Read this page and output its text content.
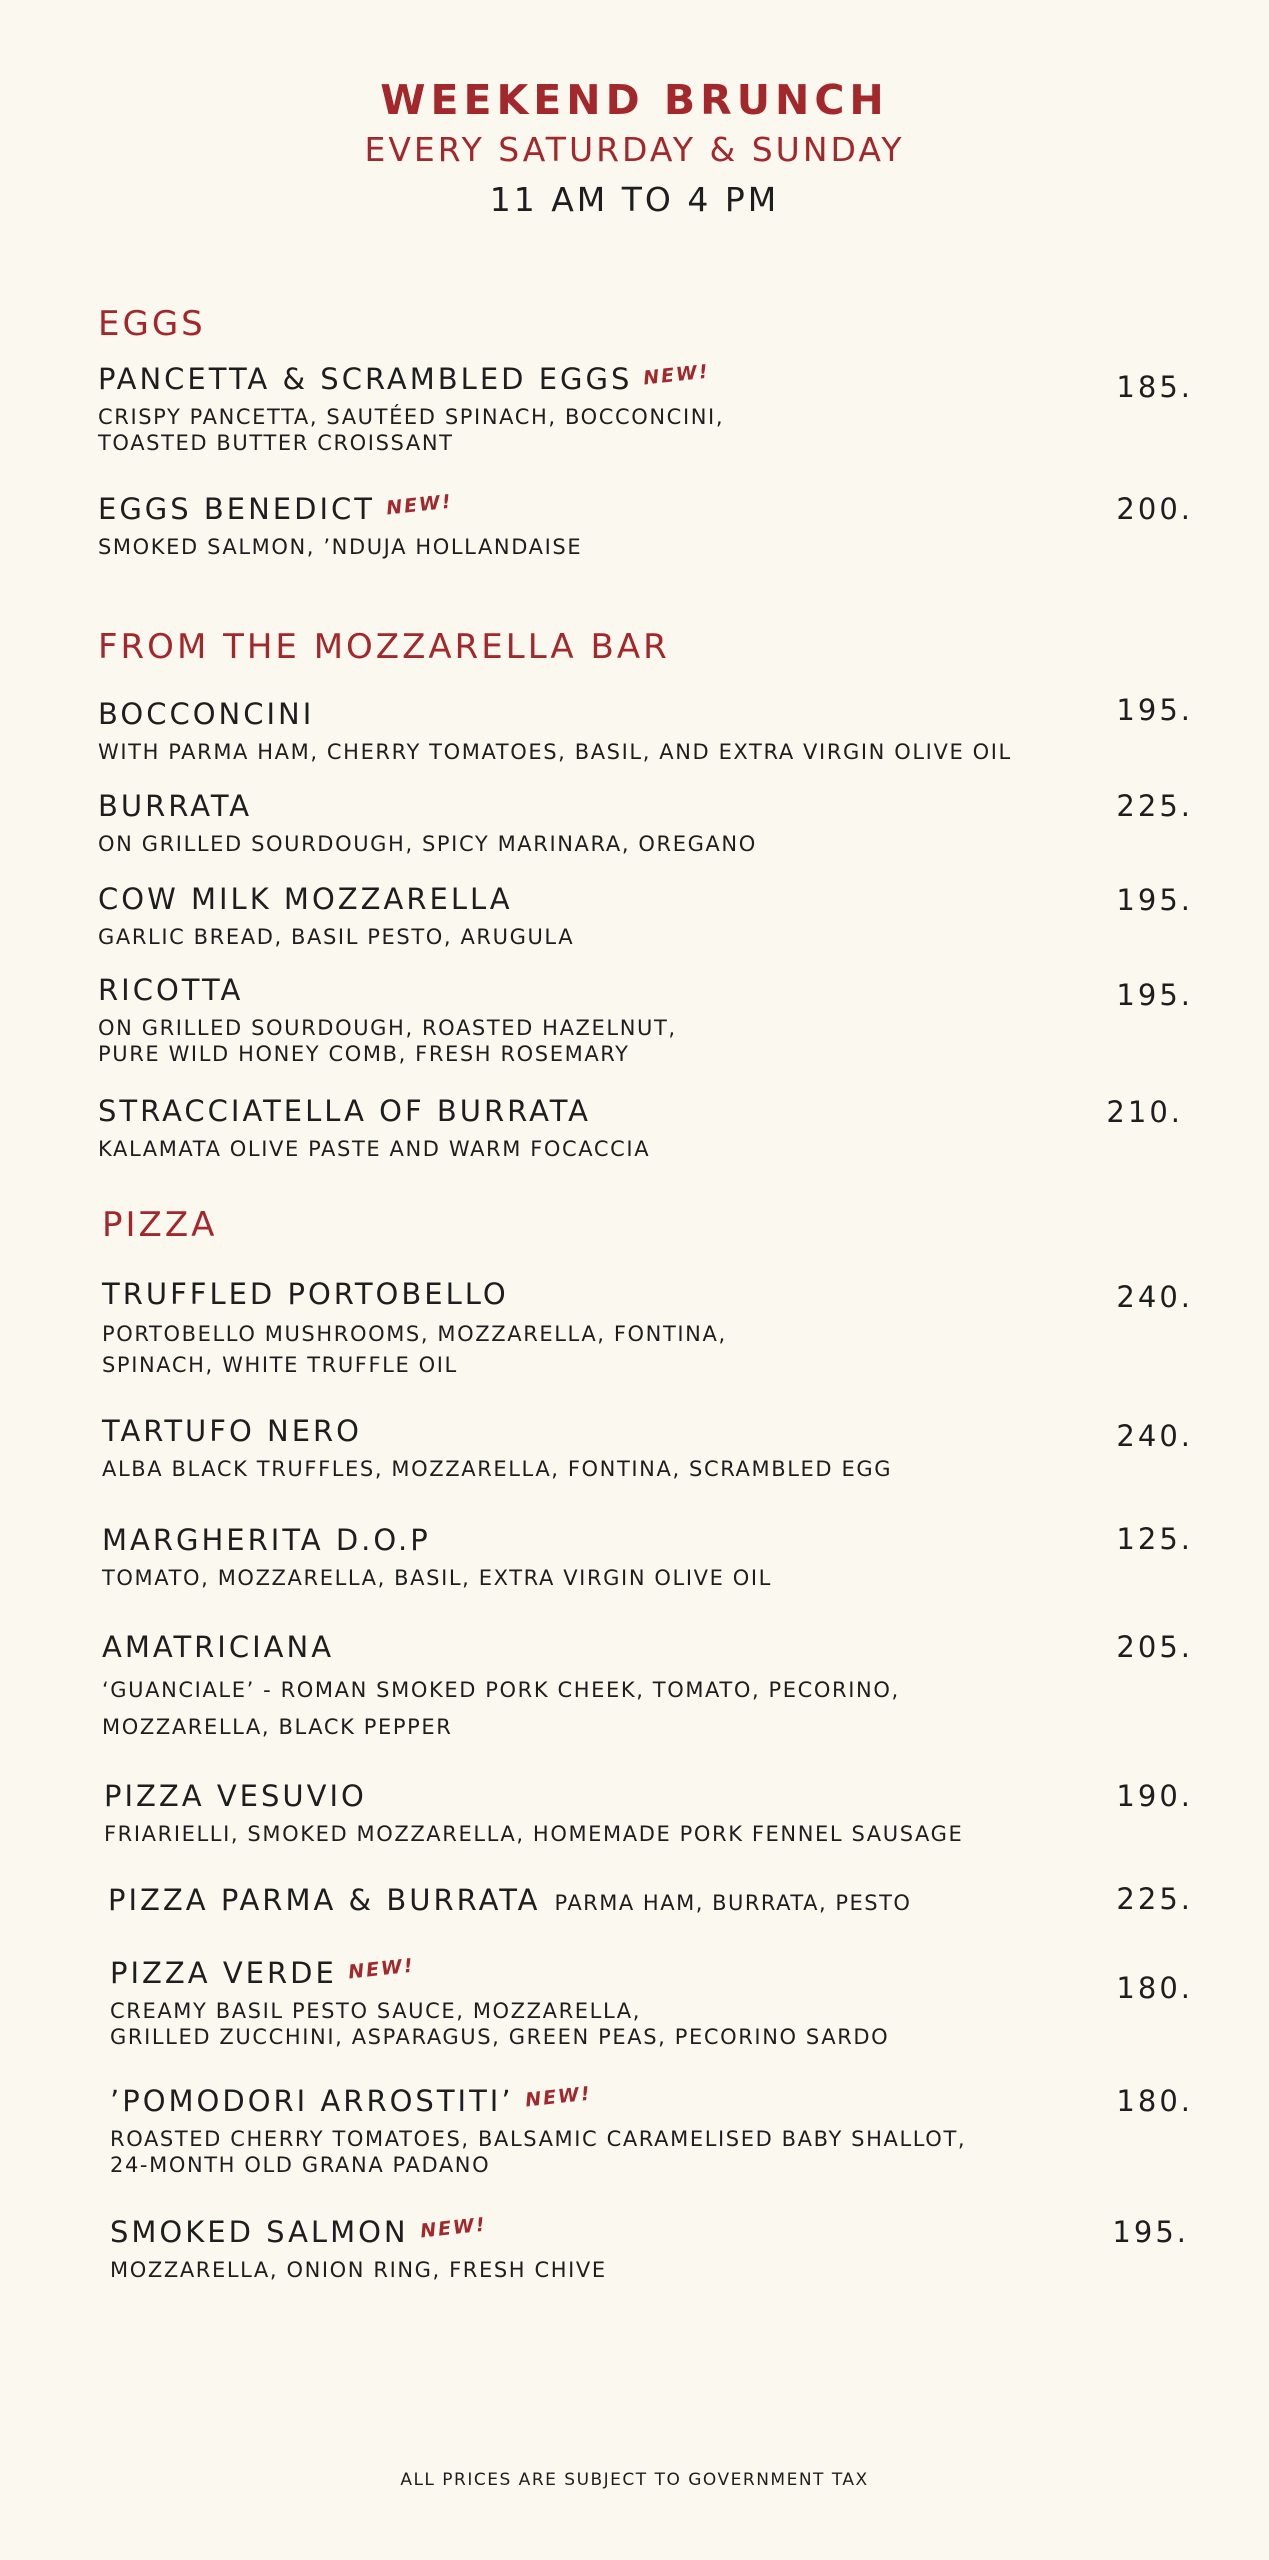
WEEKEND BRUNCH
EVERY SATURDAY & SUNDAY
11 AM TO 4 PM
EGGS
PANCETTA & SCRAMBLED EGGS NEW!
CRISPY PANCETTA, SAUTÉED SPINACH, BOCCONCINI,
TOASTED BUTTER CROISSANT
185.
EGGS BENEDICT NEW!
SMOKED SALMON, ’NDUJA HOLLANDAISE
200.
FROM THE MOZZARELLA BAR
BOCCONCINI
WITH PARMA HAM, CHERRY TOMATOES, BASIL, AND EXTRA VIRGIN OLIVE OIL
195.
BURRATA
ON GRILLED SOURDOUGH, SPICY MARINARA, OREGANO
225.
COW MILK MOZZARELLA
GARLIC BREAD, BASIL PESTO, ARUGULA
195.
RICOTTA
ON GRILLED SOURDOUGH, ROASTED HAZELNUT,
PURE WILD HONEY COMB, FRESH ROSEMARY
195.
STRACCIATELLA OF BURRATA
KALAMATA OLIVE PASTE AND WARM FOCACCIA
210.
PIZZA
TRUFFLED PORTOBELLO
PORTOBELLO MUSHROOMS, MOZZARELLA, FONTINA,
SPINACH, WHITE TRUFFLE OIL
240.
TARTUFO NERO
ALBA BLACK TRUFFLES, MOZZARELLA, FONTINA, SCRAMBLED EGG
240.
MARGHERITA D.O.P
TOMATO, MOZZARELLA, BASIL, EXTRA VIRGIN OLIVE OIL
125.
AMATRICIANA
‘GUANCIALE’ - ROMAN SMOKED PORK CHEEK, TOMATO, PECORINO,
MOZZARELLA, BLACK PEPPER
205.
PIZZA VESUVIO
FRIARIELLI, SMOKED MOZZARELLA, HOMEMADE PORK FENNEL SAUSAGE
190.
PIZZA PARMA & BURRATA PARMA HAM, BURRATA, PESTO	225.
PIZZA VERDE NEW!
CREAMY BASIL PESTO SAUCE, MOZZARELLA,
GRILLED ZUCCHINI, ASPARAGUS, GREEN PEAS, PECORINO SARDO
180.
’POMODORI ARROSTITI’ NEW!
ROASTED CHERRY TOMATOES, BALSAMIC CARAMELISED BABY SHALLOT,
24-MONTH OLD GRANA PADANO
180.
SMOKED SALMON NEW!
MOZZARELLA, ONION RING, FRESH CHIVE
195.
ALL PRICES ARE SUBJECT TO GOVERNMENT TAX
